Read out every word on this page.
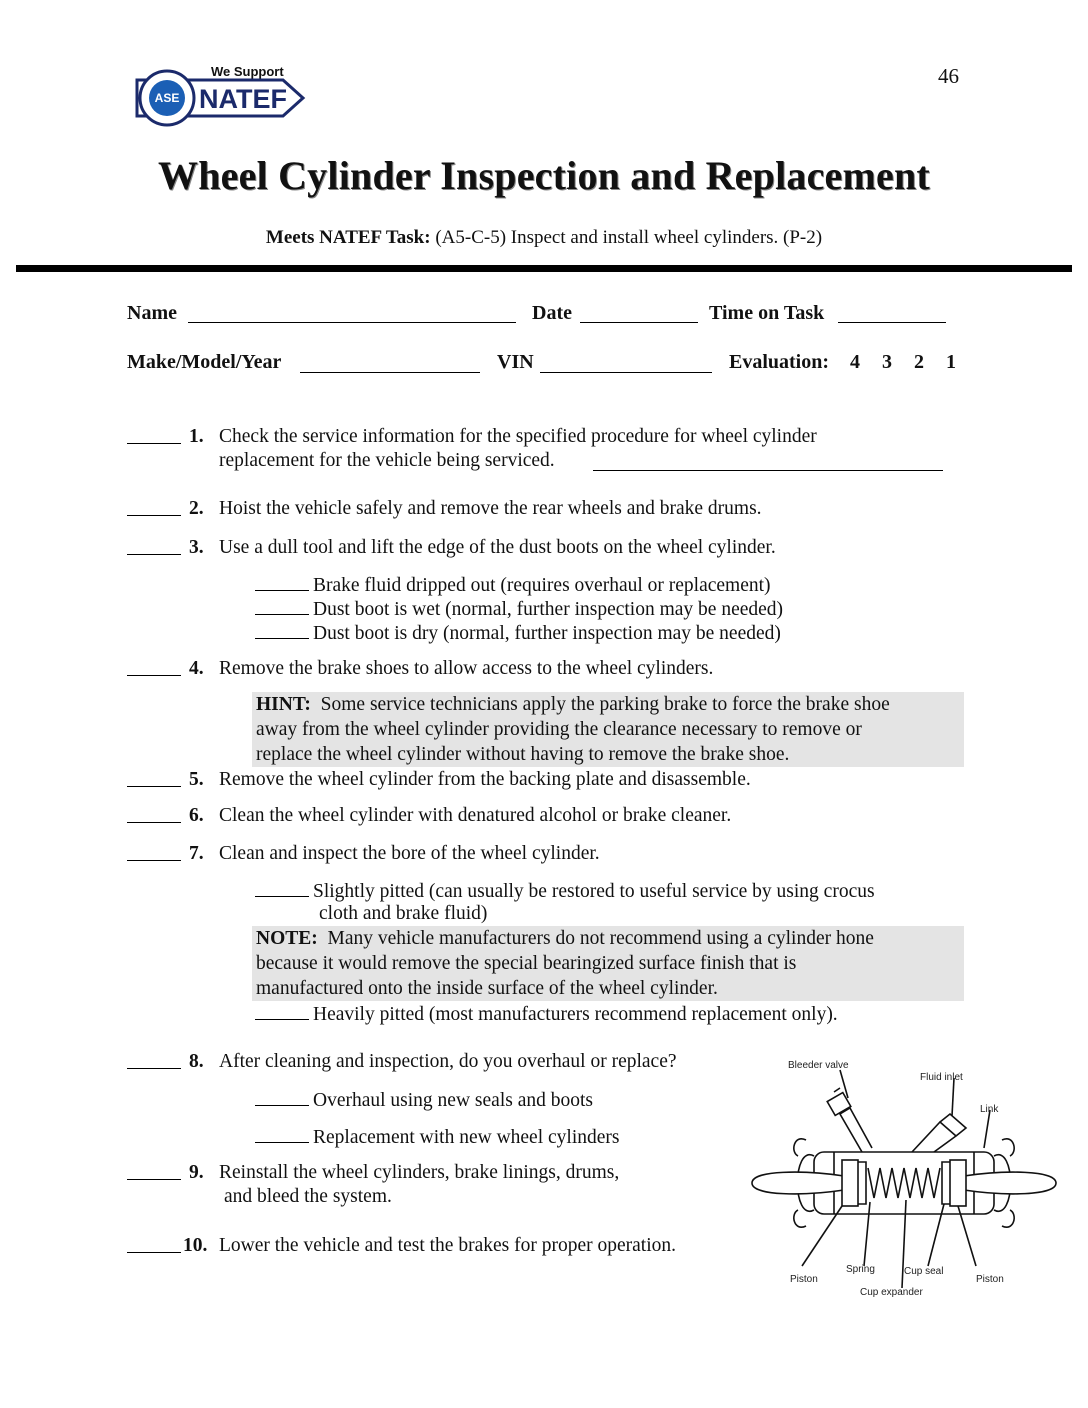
46
ASE
We Support
NATEF
Wheel Cylinder Inspection and Replacement
Meets NATEF Task: (A5-C-5) Inspect and install wheel cylinders. (P-2)
Name	Date	Time on Task
Make/Model/Year	VIN	Evaluation: 4 3 2 1
1. Check the service information for the specified procedure for wheel cylinder
replacement for the vehicle being serviced.
2. Hoist the vehicle safely and remove the rear wheels and brake drums.
3. Use a dull tool and lift the edge of the dust boots on the wheel cylinder.
Brake fluid dripped out (requires overhaul or replacement)
Dust boot is wet (normal, further inspection may be needed)
Dust boot is dry (normal, further inspection may be needed)
4. Remove the brake shoes to allow access to the wheel cylinders.
HINT: Some service technicians apply the parking brake to force the brake shoe
away from the wheel cylinder providing the clearance necessary to remove or
replace the wheel cylinder without having to remove the brake shoe.
5. Remove the wheel cylinder from the backing plate and disassemble.
6. Clean the wheel cylinder with denatured alcohol or brake cleaner.
7. Clean and inspect the bore of the wheel cylinder.
Slightly pitted (can usually be restored to useful service by using crocus
cloth and brake fluid)
NOTE: Many vehicle manufacturers do not recommend using a cylinder hone
because it would remove the special bearingized surface finish that is
manufactured onto the inside surface of the wheel cylinder.
Heavily pitted (most manufacturers recommend replacement only).
8. After cleaning and inspection, do you overhaul or replace?
Overhaul using new seals and boots
Replacement with new wheel cylinders
9. Reinstall the wheel cylinders, brake linings, drums,
and bleed the system.
10. Lower the vehicle and test the brakes for proper operation.
Bleeder valve
Fluid inlet
Link
Piston
Spring	Cup seal
Piston
Cup expander
